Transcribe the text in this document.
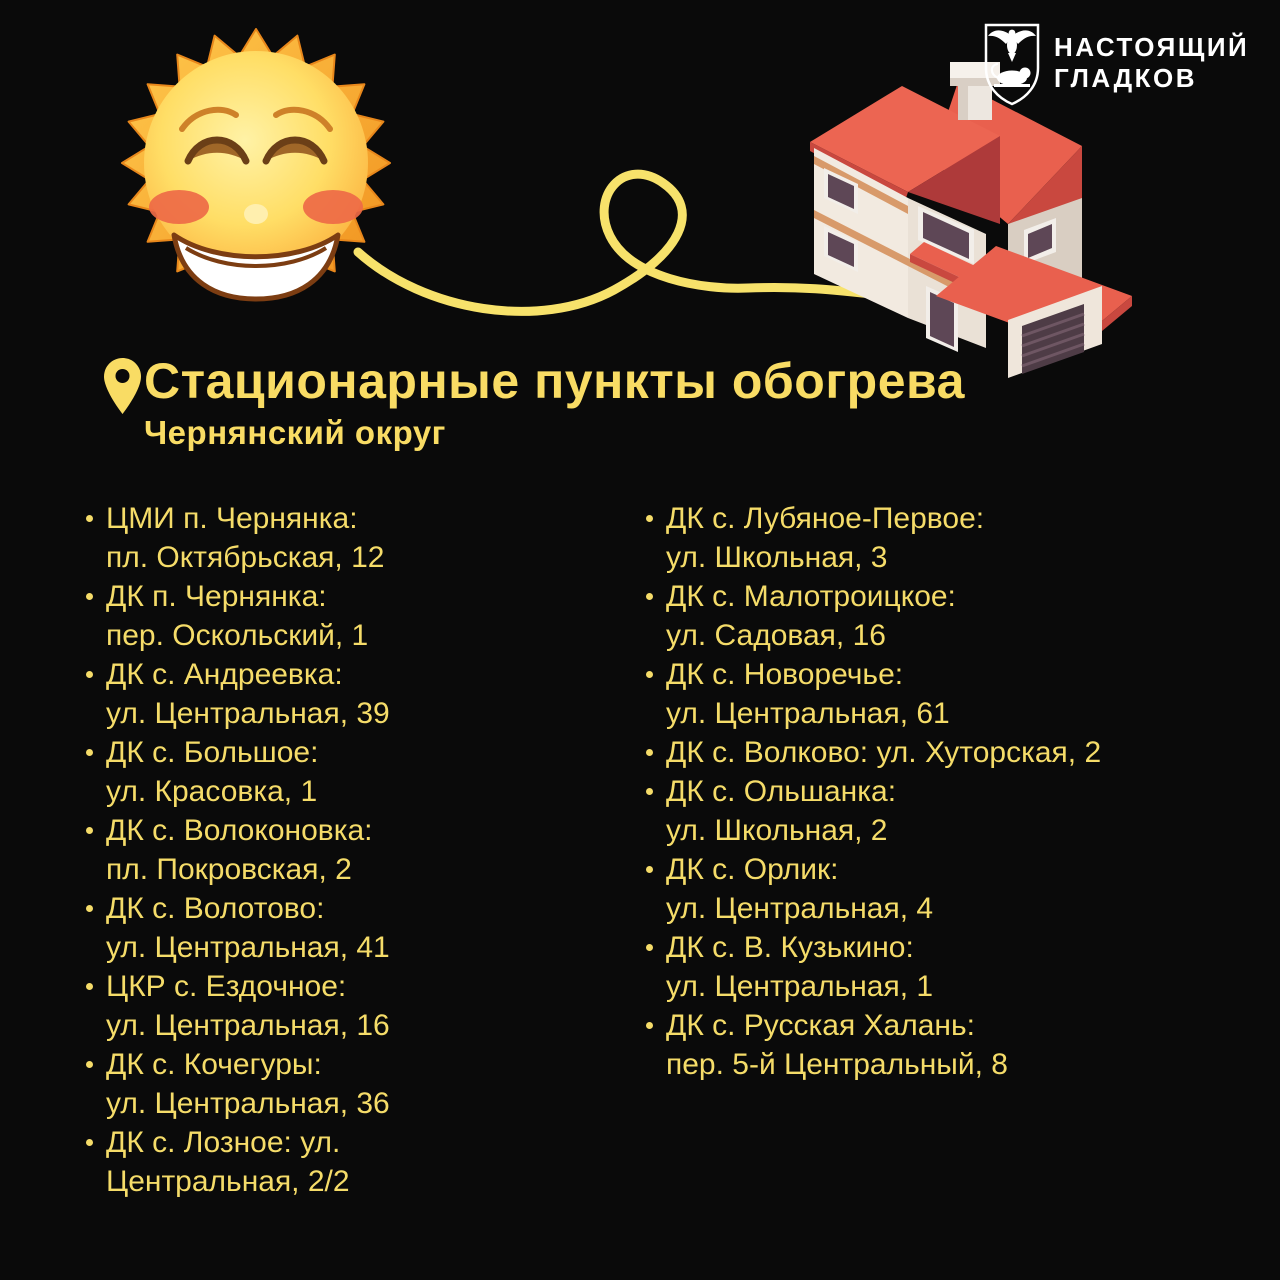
НАСТОЯЩИЙ
ГЛАДКОВ
Стационарные пункты обогрева
Чернянский округ
ЦМИ п. Чернянка:
пл. Октябрьская, 12
ДК п. Чернянка:
пер. Оскольский, 1
ДК с. Андреевка:
ул. Центральная, 39
ДК с. Большое:
ул. Красовка, 1
ДК с. Волоконовка:
пл. Покровская, 2
ДК с. Волотово:
ул. Центральная, 41
ЦКР с. Ездочное:
ул. Центральная, 16
ДК с. Кочегуры:
ул. Центральная, 36
ДК с. Лозное: ул.
Центральная, 2/2
ДК с. Лубяное-Первое:
ул. Школьная, 3
ДК с. Малотроицкое:
ул. Садовая, 16
ДК с. Новоречье:
ул. Центральная, 61
ДК с. Волково: ул. Хуторская, 2
ДК с. Ольшанка:
ул. Школьная, 2
ДК с. Орлик:
ул. Центральная, 4
ДК с. В. Кузькино:
ул. Центральная, 1
ДК с. Русская Халань:
пер. 5-й Центральный, 8
